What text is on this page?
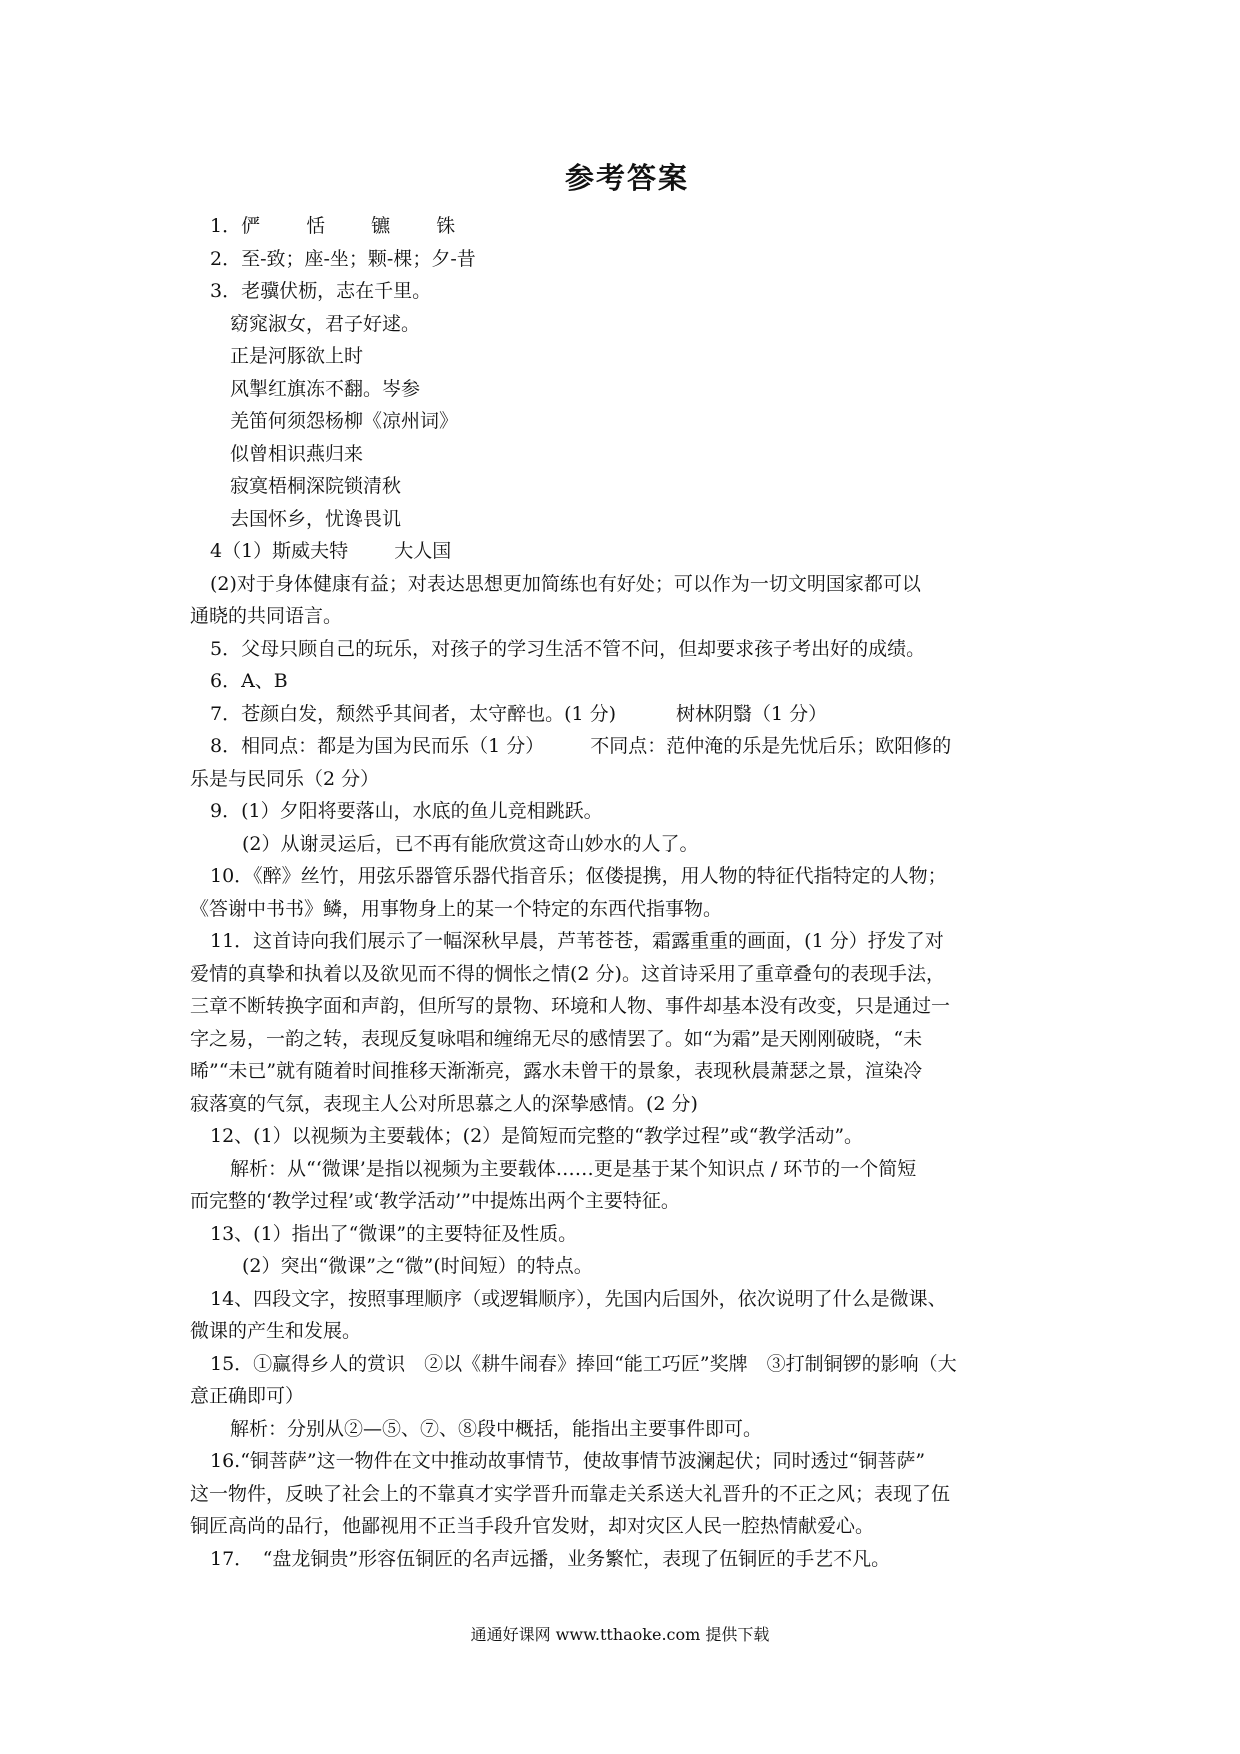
参考答案

1．俨 恬 镳 铢

2．至-致；座-坐；颗-棵；夕-昔

3．老骥伏枥，志在千里。

窈窕淑女，君子好逑。

正是河豚欲上时

风掣红旗冻不翻。岑参

羌笛何须怨杨柳《凉州词》

似曾相识燕归来

寂寞梧桐深院锁清秋

去国怀乡，忧谗畏讥

4（1）斯威夫特 大人国

(2)对于身体健康有益；对表达思想更加简练也有好处；可以作为一切文明国家都可以

通晓的共同语言。

5．父母只顾自己的玩乐，对孩子的学习生活不管不问，但却要求孩子考出好的成绩。

6．A、B

7．苍颜白发，颓然乎其间者，太守醉也。(1 分)	树林阴翳（1 分）

8．相同点：都是为国为民而乐（1 分） 不同点：范仲淹的乐是先忧后乐；欧阳修的

乐是与民同乐（2 分）

9．(1）夕阳将要落山，水底的鱼儿竞相跳跃。

(2）从谢灵运后，已不再有能欣赏这奇山妙水的人了。

10．《醉》丝竹，用弦乐器管乐器代指音乐；伛偻提携，用人物的特征代指特定的人物；

《答谢中书书》鳞，用事物身上的某一个特定的东西代指事物。

11．这首诗向我们展示了一幅深秋早晨，芦苇苍苍，霜露重重的画面，(1 分）抒发了对

爱情的真挚和执着以及欲见而不得的惆怅之情(2 分)。这首诗采用了重章叠句的表现手法，

三章不断转换字面和声韵，但所写的景物、环境和人物、事件却基本没有改变，只是通过一

字之易，一韵之转，表现反复咏唱和缠绵无尽的感情罢了。如“为霜”是天刚刚破晓，“未

晞”“未已”就有随着时间推移天渐渐亮，露水未曾干的景象，表现秋晨萧瑟之景，渲染冷

寂落寞的气氛，表现主人公对所思慕之人的深挚感情。(2 分)

12、(1）以视频为主要载体；(2）是简短而完整的“教学过程”或“教学活动”。

解析：从“‘微课’是指以视频为主要载体……更是基于某个知识点 / 环节的一个简短

而完整的‘教学过程’或‘教学活动’”中提炼出两个主要特征。

13、(1）指出了“微课”的主要特征及性质。

(2）突出“微课”之“微”(时间短）的特点。

14、四段文字，按照事理顺序（或逻辑顺序），先国内后国外，依次说明了什么是微课、

微课的产生和发展。

15．①赢得乡人的赏识　②以《耕牛闹春》捧回“能工巧匠”奖牌　③打制铜锣的影响（大

意正确即可）

解析：分别从②—⑤、⑦、⑧段中概括，能指出主要事件即可。

16.“铜菩萨”这一物件在文中推动故事情节，使故事情节波澜起伏；同时透过“铜菩萨”

这一物件，反映了社会上的不靠真才实学晋升而靠走关系送大礼晋升的不正之风；表现了伍

铜匠高尚的品行，他鄙视用不正当手段升官发财，却对灾区人民一腔热情献爱心。

17．　“盘龙铜贵”形容伍铜匠的名声远播，业务繁忙，表现了伍铜匠的手艺不凡。

通通好课网 www.tthaoke.com 提供下载
